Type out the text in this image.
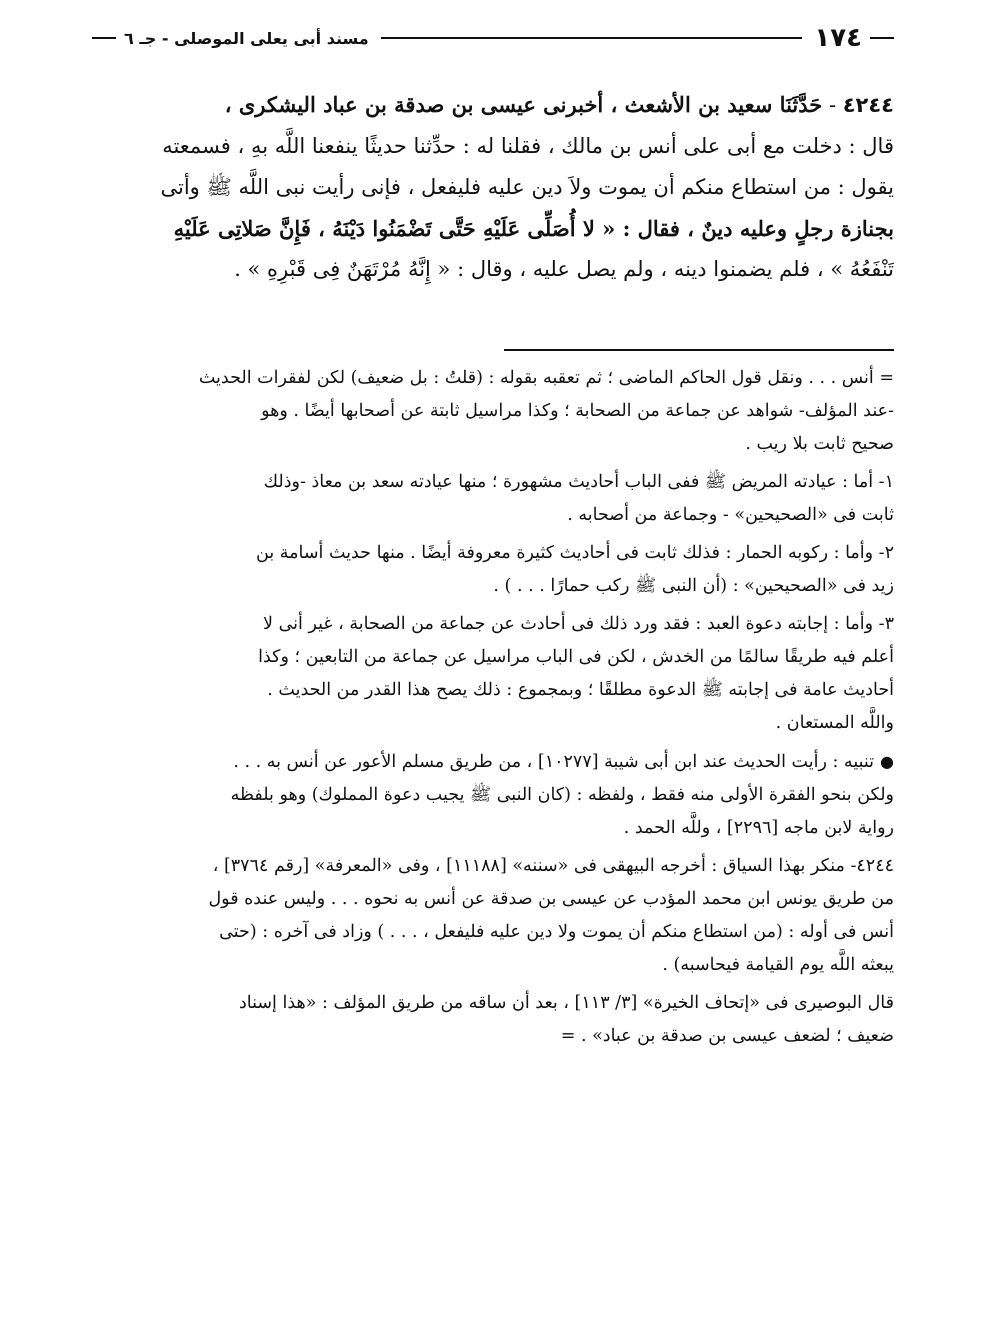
١٧٤
مسند أبى يعلى الموصلى - جـ ٦
٤٢٤٤ - حَدَّثَنَا سعيد بن الأشعث ، أخبرنى عيسى بن صدقة بن عباد اليشكرى ،
قال : دخلت مع أبى على أنس بن مالك ، فقلنا له : حدِّثنا حديثًا ينفعنا اللَّه بهِ ، فسمعته
يقول : من استطاع منكم أن يموت ولاَ دين عليه فليفعل ، فإنى رأيت نبى اللَّه ﷺ وأتى
بجنازة رجلٍ وعليه دينٌ ، فقال : « لا أُصَلِّى عَلَيْهِ حَتَّى تَضْمَنُوا دَيْنَهُ ، فَإِنَّ صَلاتِى عَلَيْهِ
تَنْفَعُهُ » ، فلم يضمنوا دينه ، ولم يصل عليه ، وقال : « إِنَّهُ مُرْتَهَنٌ فِى قَبْرِهِ » .

= أنس . . . ونقل قول الحاكم الماضى ؛ ثم تعقبه بقوله : (قلتُ : بل ضعيف) لكن لفقرات الحديث
-عند المؤلف- شواهد عن جماعة من الصحابة ؛ وكذا مراسيل ثابتة عن أصحابها أيضًا . وهو
صحيح ثابت بلا ريب .

١- أما : عيادته المريض ﷺ ففى الباب أحاديث مشهورة ؛ منها عيادته سعد بن معاذ -وذلك
ثابت فى «الصحيحين» - وجماعة من أصحابه .

٢- وأما : ركوبه الحمار : فذلك ثابت فى أحاديث كثيرة معروفة أيضًا . منها حديث أسامة بن
زيد فى «الصحيحين» : (أن النبى ﷺ ركب حمارًا . . . ) .

٣- وأما : إجابته دعوة العبد : فقد ورد ذلك فى أحادث عن جماعة من الصحابة ، غير أنى لا
أعلم فيه طريقًا سالمًا من الخدش ، لكن فى الباب مراسيل عن جماعة من التابعين ؛ وكذا
أحاديث عامة فى إجابته ﷺ الدعوة مطلقًا ؛ وبمجموع : ذلك يصح هذا القدر من الحديث .
واللَّه المستعان .

●تنبيه : رأيت الحديث عند ابن أبى شيبة [١٠٢٧٧] ، من طريق مسلم الأعور عن أنس به . . .
ولكن بنحو الفقرة الأولى منه فقط ، ولفظه : (كان النبى ﷺ يجيب دعوة المملوك) وهو بلفظه
رواية لابن ماجه [٢٢٩٦] ، وللَّه الحمد .

٤٢٤٤- منكر بهذا السياق : أخرجه البيهقى فى «سننه» [١١١٨٨] ، وفى «المعرفة» [رقم ٣٧٦٤] ،
من طريق يونس ابن محمد المؤدب عن عيسى بن صدقة عن أنس به نحوه . . . وليس عنده قول
أنس فى أوله : (من استطاع منكم أن يموت ولا دين عليه فليفعل ، . . . ) وزاد فى آخره : (حتى
يبعثه اللَّه يوم القيامة فيحاسبه) .

قال البوصيرى فى «إتحاف الخيرة» [٣/ ١١٣] ، بعد أن ساقه من طريق المؤلف : «هذا إسناد
ضعيف ؛ لضعف عيسى بن صدقة بن عباد» . =
